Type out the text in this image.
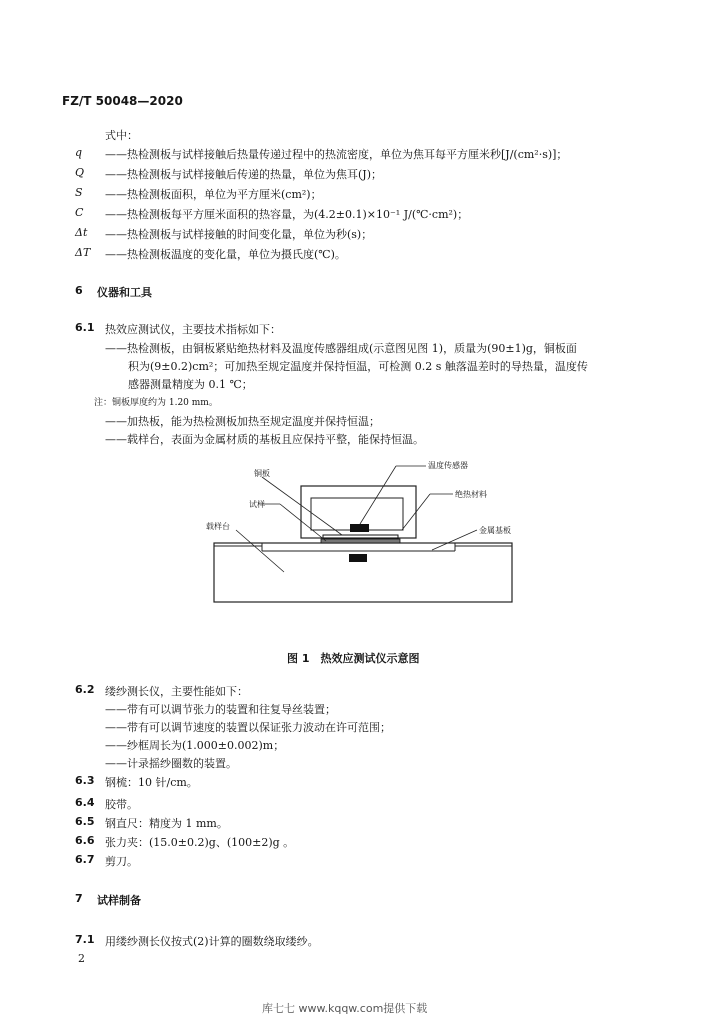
FZ/T 50048—2020
式中：
q ——热检测板与试样接触后热量传递过程中的热流密度，单位为焦耳每平方厘米秒[J/(cm²·s)]；
Q ——热检测板与试样接触后传递的热量，单位为焦耳(J)；
S ——热检测板面积，单位为平方厘米(cm²)；
C ——热检测板每平方厘米面积的热容量，为(4.2±0.1)×10⁻¹ J/(℃·cm²)；
Δt ——热检测板与试样接触的时间变化量，单位为秒(s)；
ΔT ——热检测板温度的变化量，单位为摄氏度(℃)。
6 仪器和工具
6.1 热效应测试仪，主要技术指标如下：
——热检测板，由铜板紧贴绝热材料及温度传感器组成(示意图见图 1)，质量为(90±1)g，铜板面
积为(9±0.2)cm²；可加热至规定温度并保持恒温，可检测 0.2 s 触落温差时的导热量，温度传
感器测量精度为 0.1 ℃；
注：铜板厚度约为 1.20 mm。
——加热板，能为热检测板加热至规定温度并保持恒温；
——载样台，表面为金属材质的基板且应保持平整，能保持恒温。
铜板
温度传感器
绝热材料
试样
载样台	金属基板
图 1　热效应测试仪示意图
6.2 缕纱测长仪，主要性能如下：
——带有可以调节张力的装置和往复导丝装置；
——带有可以调节速度的装置以保证张力波动在许可范围；
——纱框周长为(1.000±0.002)m；
——计录摇纱圈数的装置。
6.3 钢梳：10 针/cm。
6.4 胶带。
6.5 钢直尺：精度为 1 mm。
6.6 张力夹：(15.0±0.2)g、(100±2)g 。
6.7 剪刀。
7 试样制备
7.1 用缕纱测长仪按式(2)计算的圈数绕取缕纱。
2
库七七 www.kqqw.com提供下载
